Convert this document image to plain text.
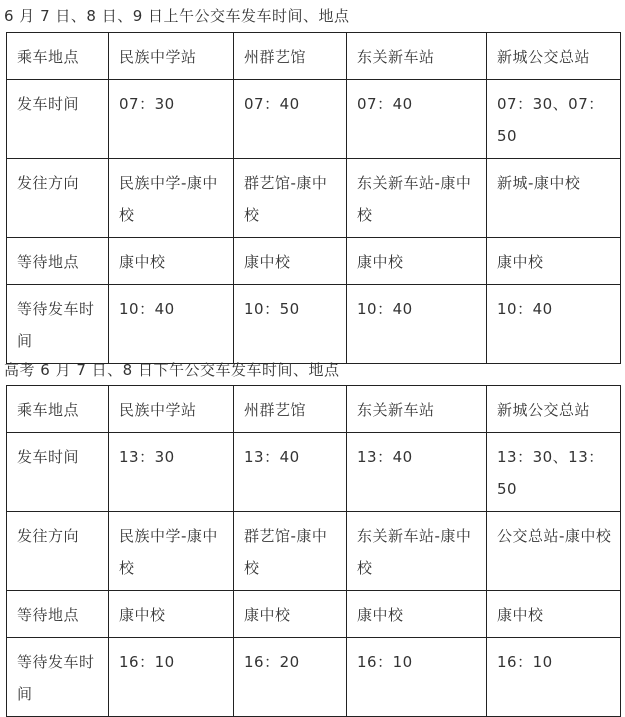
6 月 7 日、8 日、9 日上午公交车发车时间、地点
乘车地点	民族中学站	州群艺馆	东关新车站	新城公交总站
发车时间	07：30	07：40	07：40	07：30、07：50
发往方向	民族中学-康中校	群艺馆-康中校	东关新车站-康中校	新城-康中校
等待地点	康中校	康中校	康中校	康中校
等待发车时间	10：40	10：50	10：40	10：40
高考 6 月 7 日、8 日下午公交车发车时间、地点
乘车地点	民族中学站	州群艺馆	东关新车站	新城公交总站
发车时间	13：30	13：40	13：40	13：30、13：50
发往方向	民族中学-康中校	群艺馆-康中校	东关新车站-康中校	公交总站-康中校
等待地点	康中校	康中校	康中校	康中校
等待发车时间	16：10	16：20	16：10	16：10
